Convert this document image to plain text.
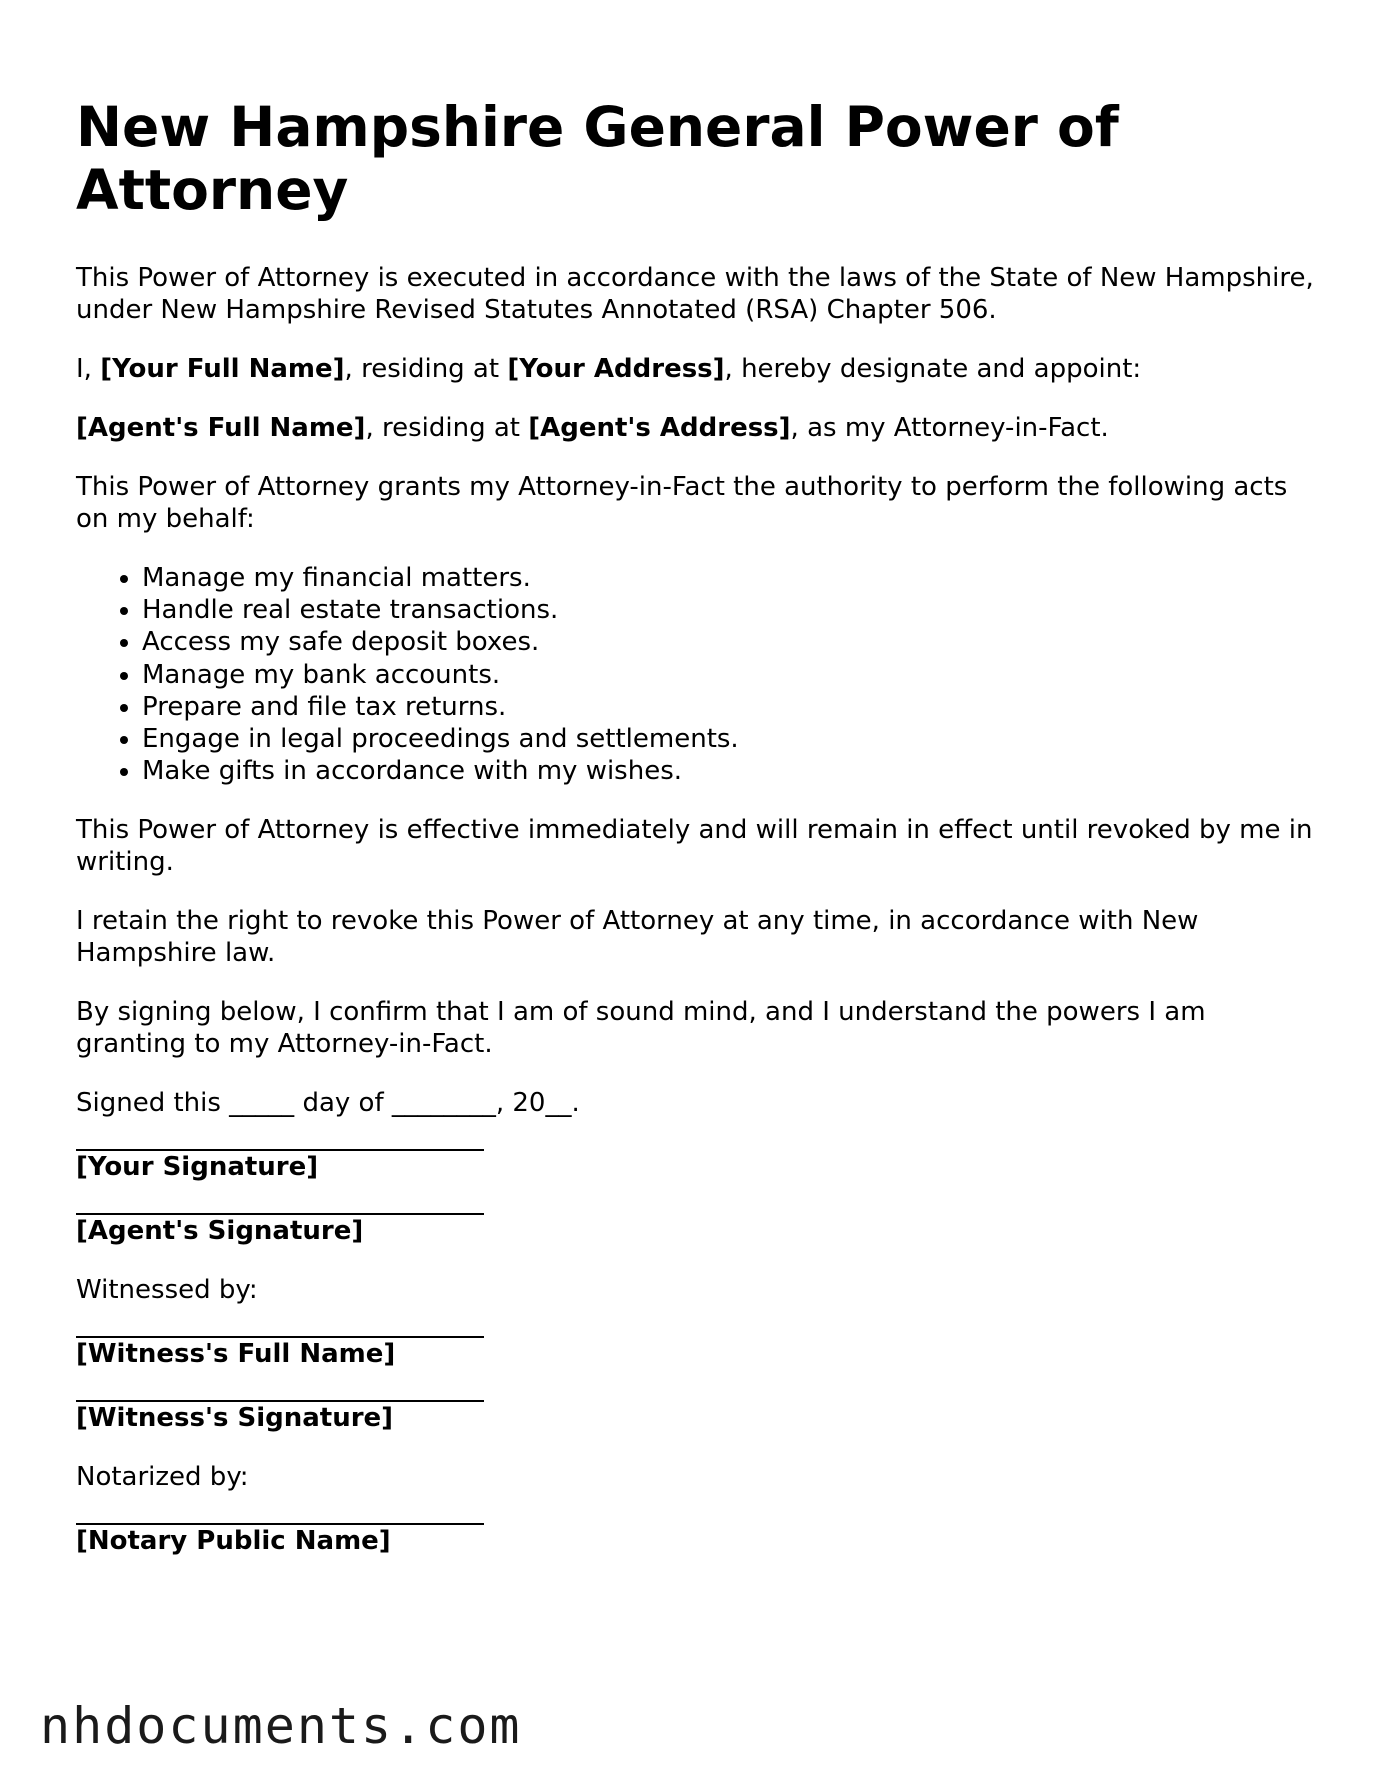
New Hampshire General Power of Attorney

This Power of Attorney is executed in accordance with the laws of the State of New Hampshire, under New Hampshire Revised Statutes Annotated (RSA) Chapter 506.

I, [Your Full Name], residing at [Your Address], hereby designate and appoint:

[Agent's Full Name], residing at [Agent's Address], as my Attorney-in-Fact.

This Power of Attorney grants my Attorney-in-Fact the authority to perform the following acts on my behalf:

• Manage my financial matters.
• Handle real estate transactions.
• Access my safe deposit boxes.
• Manage my bank accounts.
• Prepare and file tax returns.
• Engage in legal proceedings and settlements.
• Make gifts in accordance with my wishes.

This Power of Attorney is effective immediately and will remain in effect until revoked by me in writing.

I retain the right to revoke this Power of Attorney at any time, in accordance with New Hampshire law.

By signing below, I confirm that I am of sound mind, and I understand the powers I am granting to my Attorney-in-Fact.

Signed this _____ day of ________, 20__.

[Your Signature]
[Agent's Signature]

Witnessed by:

[Witness's Full Name]
[Witness's Signature]

Notarized by:

[Notary Public Name]
nhdocuments.com
